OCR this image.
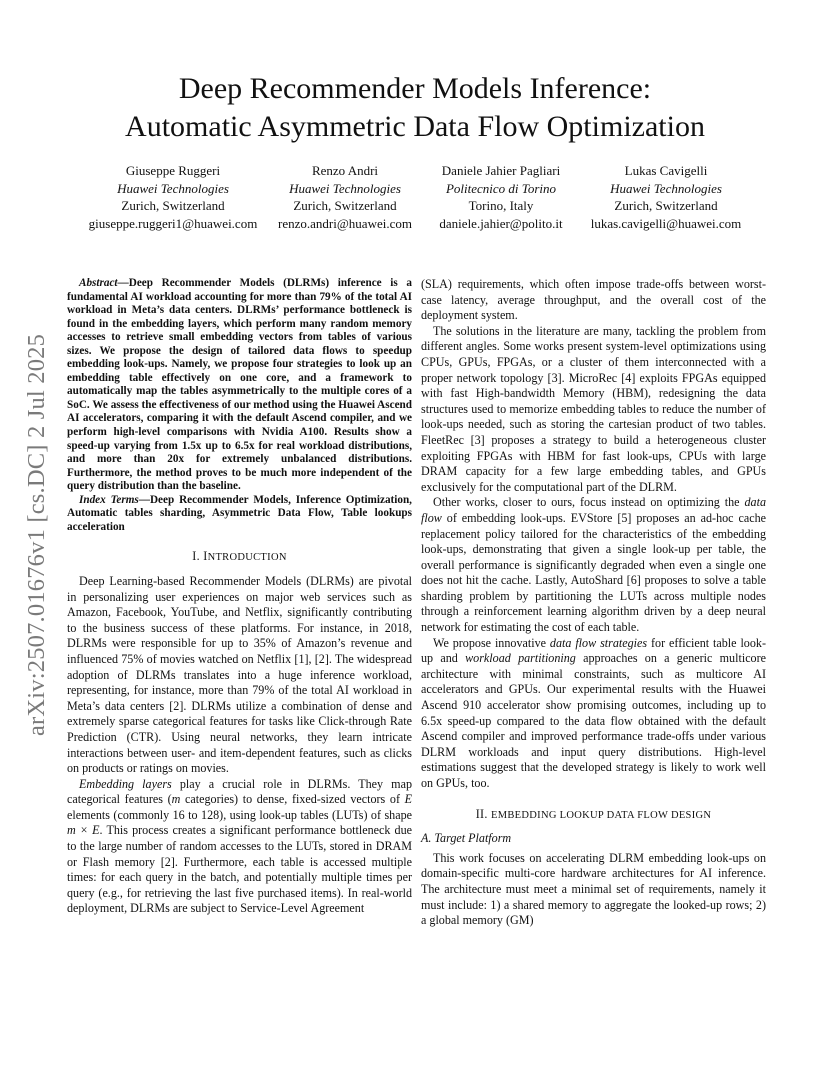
arXiv:2507.01676v1 [cs.DC] 2 Jul 2025
Deep Recommender Models Inference:
Automatic Asymmetric Data Flow Optimization
Giuseppe Ruggeri
Huawei Technologies
Zurich, Switzerland
giuseppe.ruggeri1@huawei.com
Renzo Andri
Huawei Technologies
Zurich, Switzerland
renzo.andri@huawei.com
Daniele Jahier Pagliari
Politecnico di Torino
Torino, Italy
daniele.jahier@polito.it
Lukas Cavigelli
Huawei Technologies
Zurich, Switzerland
lukas.cavigelli@huawei.com

Abstract—Deep Recommender Models (DLRMs) inference is a fundamental AI workload accounting for more than 79% of the total AI workload in Meta’s data centers. DLRMs’ performance bottleneck is found in the embedding layers, which perform many random memory accesses to retrieve small embedding vectors from tables of various sizes. We propose the design of tailored data flows to speedup embedding look-ups. Namely, we propose four strategies to look up an embedding table effectively on one core, and a framework to automatically map the tables asymmetrically to the multiple cores of a SoC. We assess the effectiveness of our method using the Huawei Ascend AI accelerators, comparing it with the default Ascend compiler, and we perform high-level comparisons with Nvidia A100. Results show a speed-up varying from 1.5x up to 6.5x for real workload distributions, and more than 20x for extremely unbalanced distributions. Furthermore, the method proves to be much more independent of the query distribution than the baseline.

Index Terms—Deep Recommender Models, Inference Optimization, Automatic tables sharding, Asymmetric Data Flow, Table lookups acceleration

I. INTRODUCTION

Deep Learning-based Recommender Models (DLRMs) are pivotal in personalizing user experiences on major web services such as Amazon, Facebook, YouTube, and Netflix, significantly contributing to the business success of these platforms. For instance, in 2018, DLRMs were responsible for up to 35% of Amazon’s revenue and influenced 75% of movies watched on Netflix [1], [2]. The widespread adoption of DLRMs translates into a huge inference workload, representing, for instance, more than 79% of the total AI workload in Meta’s data centers [2]. DLRMs utilize a combination of dense and extremely sparse categorical features for tasks like Click-through Rate Prediction (CTR). Using neural networks, they learn intricate interactions between user- and item-dependent features, such as clicks on products or ratings on movies.

Embedding layers play a crucial role in DLRMs. They map categorical features (m categories) to dense, fixed-sized vectors of E elements (commonly 16 to 128), using look-up tables (LUTs) of shape m × E. This process creates a significant performance bottleneck due to the large number of random accesses to the LUTs, stored in DRAM or Flash memory [2]. Furthermore, each table is accessed multiple times: for each query in the batch, and potentially multiple times per query (e.g., for retrieving the last five purchased items). In real-world deployment, DLRMs are subject to Service-Level Agreement

(SLA) requirements, which often impose trade-offs between worst-case latency, average throughput, and the overall cost of the deployment system.

The solutions in the literature are many, tackling the problem from different angles. Some works present system-level optimizations using CPUs, GPUs, FPGAs, or a cluster of them interconnected with a proper network topology [3]. MicroRec [4] exploits FPGAs equipped with fast High-bandwidth Memory (HBM), redesigning the data structures used to memorize embedding tables to reduce the number of look-ups needed, such as storing the cartesian product of two tables. FleetRec [3] proposes a strategy to build a heterogeneous cluster exploiting FPGAs with HBM for fast look-ups, CPUs with large DRAM capacity for a few large embedding tables, and GPUs exclusively for the computational part of the DLRM.

Other works, closer to ours, focus instead on optimizing the data flow of embedding look-ups. EVStore [5] proposes an ad-hoc cache replacement policy tailored for the characteristics of the embedding look-ups, demonstrating that given a single look-up per table, the overall performance is significantly degraded when even a single one does not hit the cache. Lastly, AutoShard [6] proposes to solve a table sharding problem by partitioning the LUTs across multiple nodes through a reinforcement learning algorithm driven by a deep neural network for estimating the cost of each table.

We propose innovative data flow strategies for efficient table look-up and workload partitioning approaches on a generic multicore architecture with minimal constraints, such as multicore AI accelerators and GPUs. Our experimental results with the Huawei Ascend 910 accelerator show promising outcomes, including up to 6.5x speed-up compared to the data flow obtained with the default Ascend compiler and improved performance trade-offs under various DLRM workloads and input query distributions. High-level estimations suggest that the developed strategy is likely to work well on GPUs, too.

II. EMBEDDING LOOKUP DATA FLOW DESIGN
A. Target Platform

This work focuses on accelerating DLRM embedding look-ups on domain-specific multi-core hardware architectures for AI inference. The architecture must meet a minimal set of requirements, namely it must include: 1) a shared memory to aggregate the looked-up rows; 2) a global memory (GM)
